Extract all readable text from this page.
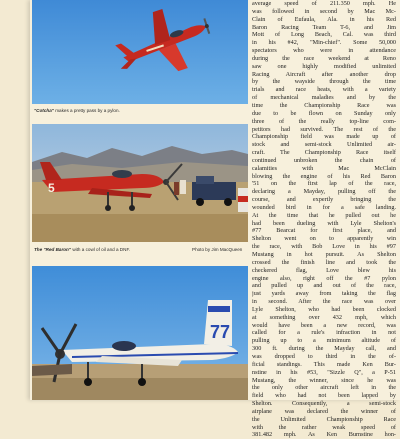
"Cotcha" makes a pretty pass by a pylon.
5
The "Red Baron" with a cowl of oil and a DNF.	Photo by Jim MacQueen
77
average speed of 211.350 mph. He
was followed in second by Mac Mc-
Clain of Eufaula, Ala. in his Red
Baron Racing Team T-6, and Jim
Mott of Long Beach, Cal. was third
in his #42, "Min-chief". Some 50,000
spectators who were in attendance
during the race weekend at Reno
saw one highly modified unlimited
Racing Aircraft after another drop
by the wayside through the time
trials and race heats, with a variety
of mechanical maladies and by the
time the Championship Race was
due to be flown on Sunday only
three of the really top-line com-
petitors had survived. The rest of the
Championship field was made up of
stock and semi-stock Unlimited air-
craft. The Championship Race itself
continued unbroken the chain of
calamities with Mac McClain
blowing the engine of his Red Baron
'51 on the first lap of the race,
declaring a Mayday, pulling off the
course, and expertly bringing the
wounded bird in for a safe landing.
At the time that he pulled out he
had been dueling with Lyle Shelton's
#77 Bearcat for first place, and
Shelton went on to apparently win
the race, with Bob Love in his #97
Mustang in hot pursuit. As Shelton
crossed the finish line and took the
checkered flag, Love blew his
engine also, right off the #7 pylon
and pulled up and out of the race,
just yards away from taking the flag
in second. After the race was over
Lyle Shelton, who had been clocked
at something over 432 mph, which
would have been a new record, was
called for a rule's infraction in not
pulling up to a minimum altitude of
300 ft. during the Mayday call, and
was dropped to third in the of-
ficial standings. This made Ken Bur-
nstine in his #53, "Sizzle Q", a P-51
Mustang, the winner, since he was
the only other aircraft left in the
field who had not been lapped by
Shelton. Consequently, a semi-stock
airplane was declared the winner of
the Unlimited Championship Race
with the rather weak speed of
381.482 mph. As Ken Burnstine hon-
